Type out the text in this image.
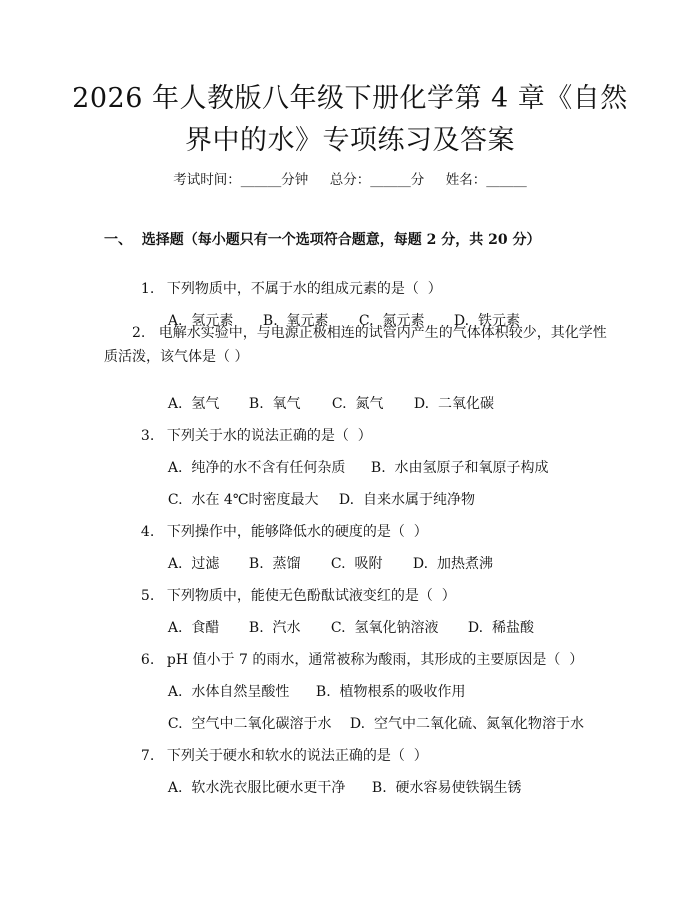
2026 年人教版八年级下册化学第 4 章《自然
界中的水》专项练习及答案
考试时间：______分钟     总分：______分     姓名：______
一、  选择题（每小题只有一个选项符合题意，每题 2 分，共 20 分）

1. 下列物质中，不属于水的组成元素的是（  ）

A.  氢元素 B.  氧元素 C.  氮元素 D.  铁元素

2. 电解水实验中，与电源正极相连的试管内产生的气体体积较少，其化学性质活泼，该气体是（ ）

A.  氢气 B.  氧气 C.  氮气 D.  二氧化碳

3. 下列关于水的说法正确的是（  ）

A.  纯净的水不含有任何杂质 B.  水由氢原子和氧原子构成

C.  水在 4℃时密度最大 D.  自来水属于纯净物

4. 下列操作中，能够降低水的硬度的是（  ）

A.  过滤 B.  蒸馏 C.  吸附 D.  加热煮沸

5. 下列物质中，能使无色酚酞试液变红的是（  ）

A.  食醋 B.  汽水 C.  氢氧化钠溶液 D.  稀盐酸

6. pH 值小于 7 的雨水，通常被称为酸雨，其形成的主要原因是（  ）

A.  水体自然呈酸性 B.  植物根系的吸收作用

C.  空气中二氧化碳溶于水 D.  空气中二氧化硫、氮氧化物溶于水

7. 下列关于硬水和软水的说法正确的是（  ）

A.  软水洗衣服比硬水更干净 B.  硬水容易使铁锅生锈
